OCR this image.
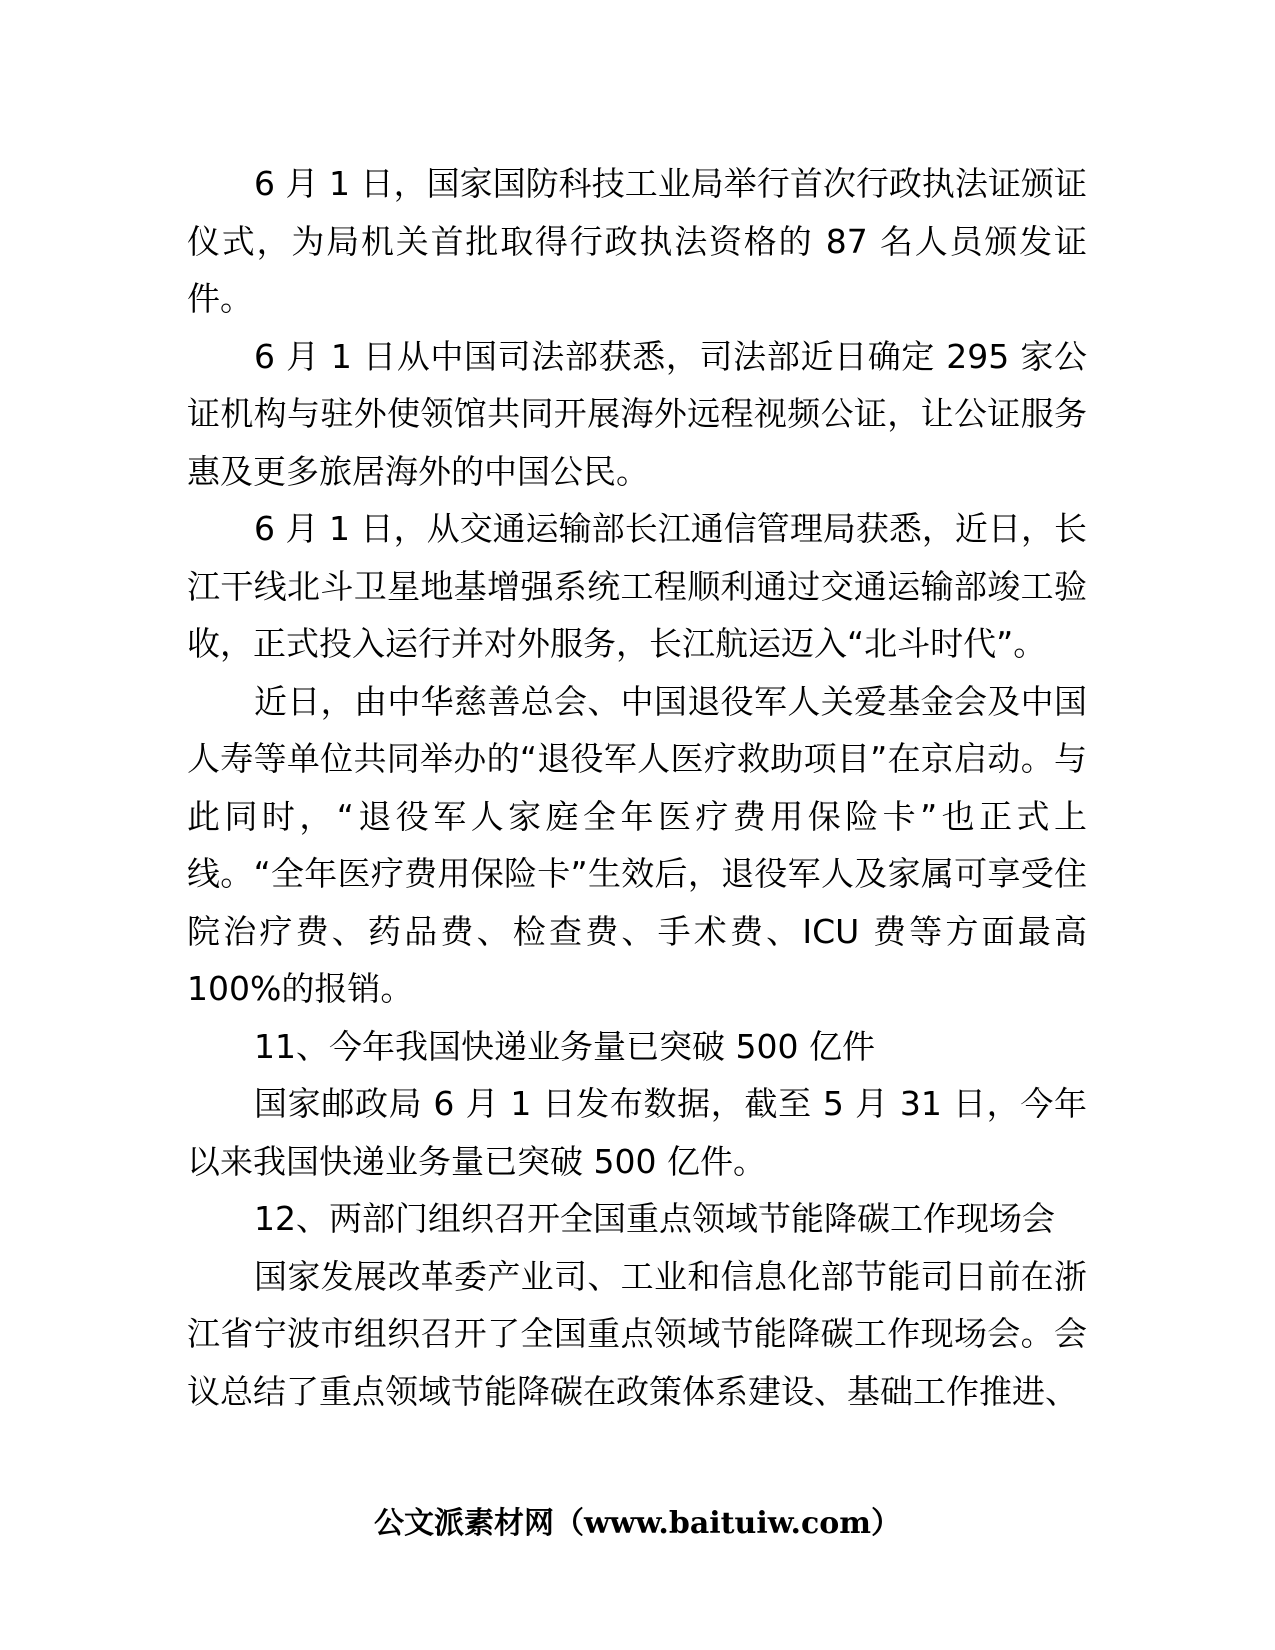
6 月 1 日，国家国防科技工业局举行首次行政执法证颁证仪式，为局机关首批取得行政执法资格的 87 名人员颁发证件。

6 月 1 日从中国司法部获悉，司法部近日确定 295 家公证机构与驻外使领馆共同开展海外远程视频公证，让公证服务惠及更多旅居海外的中国公民。

6 月 1 日，从交通运输部长江通信管理局获悉，近日，长江干线北斗卫星地基增强系统工程顺利通过交通运输部竣工验收，正式投入运行并对外服务，长江航运迈入“北斗时代”。

近日，由中华慈善总会、中国退役军人关爱基金会及中国人寿等单位共同举办的“退役军人医疗救助项目”在京启动。与此同时，“退役军人家庭全年医疗费用保险卡”也正式上线。“全年医疗费用保险卡”生效后，退役军人及家属可享受住院治疗费、药品费、检查费、手术费、ICU 费等方面最高 100%的报销。

11、今年我国快递业务量已突破 500 亿件

国家邮政局 6 月 1 日发布数据，截至 5 月 31 日，今年以来我国快递业务量已突破 500 亿件。

12、两部门组织召开全国重点领域节能降碳工作现场会

国家发展改革委产业司、工业和信息化部节能司日前在浙江省宁波市组织召开了全国重点领域节能降碳工作现场会。会议总结了重点领域节能降碳在政策体系建设、基础工作推进、

公文派素材网（www.baituiw.com）
